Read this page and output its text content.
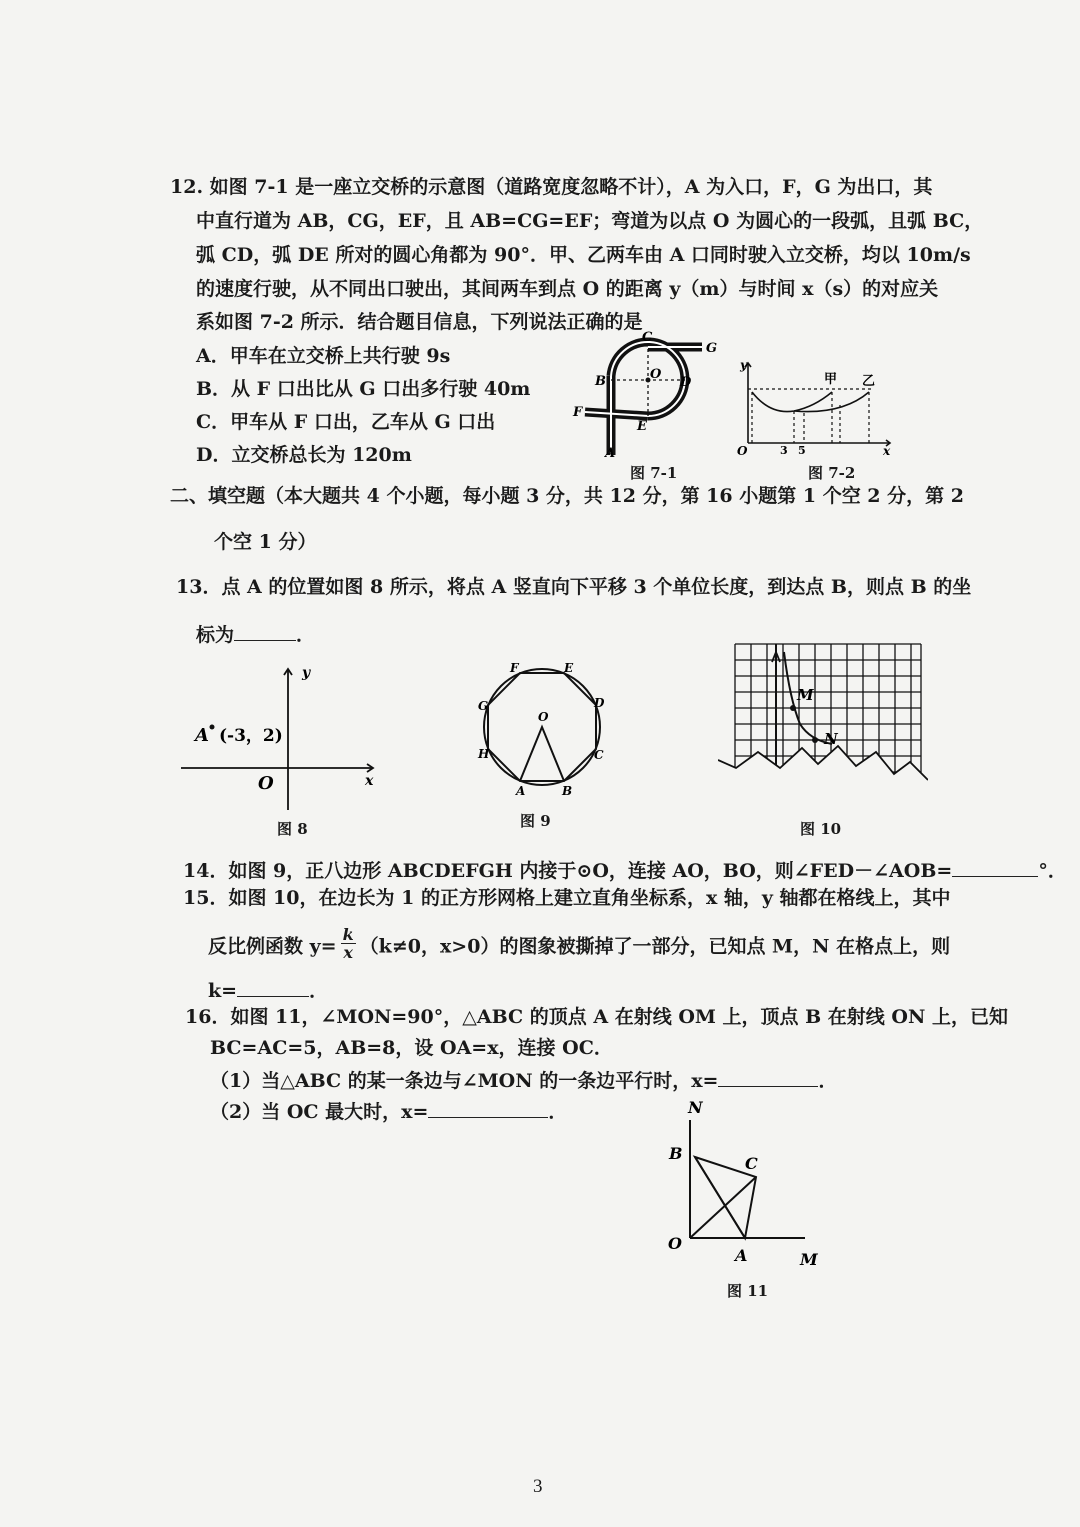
12. 如图 7-1 是一座立交桥的示意图（道路宽度忽略不计），A 为入口，F，G 为出口，其
中直行道为 AB，CG，EF，且 AB=CG=EF；弯道为以点 O 为圆心的一段弧，且弧 BC，
弧 CD，弧 DE 所对的圆心角都为 90°．甲、乙两车由 A 口同时驶入立交桥，均以 10m/s
的速度行驶，从不同出口驶出，其间两车到点 O 的距离 y（m）与时间 x（s）的对应关
系如图 7-2 所示．结合题目信息，下列说法正确的是
A．甲车在立交桥上共行驶 9s
B．从 F 口出比从 G 口出多行驶 40m
C．甲车从 F 口出，乙车从 G 口出
D．立交桥总长为 120m
C
G
B	O
D
F
E
A
图 7-1
y
x
O	3 5
甲 乙
图 7-2
二、填空题（本大题共 4 个小题，每小题 3 分，共 12 分，第 16 小题第 1 个空 2 分，第 2
个空 1 分）
13．点 A 的位置如图 8 所示，将点 A 竖直向下平移 3 个单位长度，到达点 B，则点 B 的坐
标为	．
y
x
O
A (-3，2)
图 8
F	E
G	D
O
H	C
A	B
图 9
M
N
图 10
14．如图 9，正八边形 ABCDEFGH 内接于⊙O，连接 AO，BO，则∠FED－∠AOB=	°．
15．如图 10，在边长为 1 的正方形网格上建立直角坐标系，x 轴，y 轴都在格线上，其中
反比例函数 $y= \frac{k}{x} (k\ne 0$，x>0）的图象被撕掉了一部分，已知点 M，N 在格点上，则
k=	．
16．如图 11，∠MON=90°，△ABC 的顶点 A 在射线 OM 上，顶点 B 在射线 ON 上，已知
BC=AC=5，AB=8，设 OA=x，连接 OC．
（1）当△ABC 的某一条边与∠MON 的一条边平行时，x=	．
（2）当 OC 最大时，x=	．	N
B
C
O
A	M
图 11
3
